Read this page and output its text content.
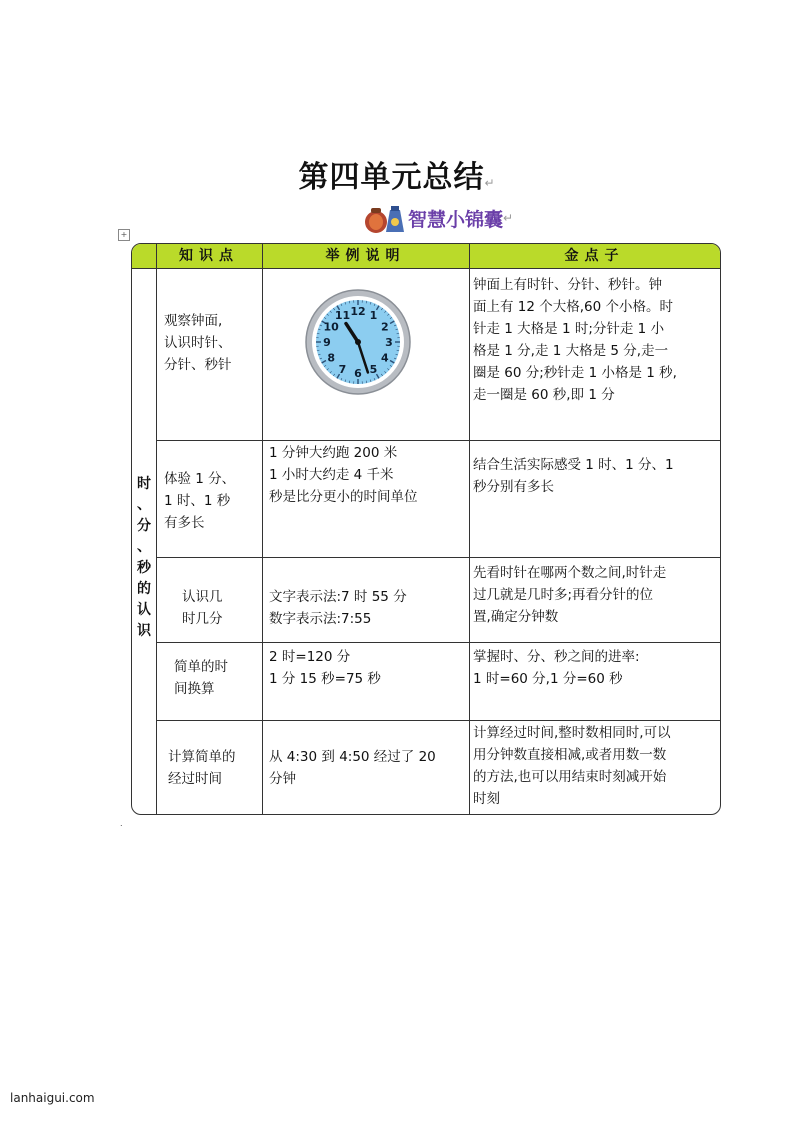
第四单元总结↵
智慧小锦囊 ↵
+
知识点	举例说明	金点子
时 、 分 、 秒 的 认 识
观察钟面,
认识时针、
分针、秒针
12 1
2
3
4
5
6
7
8
9
10
11
钟面上有时针、分针、秒针。钟
面上有 12 个大格,60 个小格。时
针走 1 大格是 1 时;分针走 1 小
格是 1 分,走 1 大格是 5 分,走一
圈是 60 分;秒针走 1 小格是 1 秒,
走一圈是 60 秒,即 1 分
体验 1 分、
1 时、1 秒
有多长
1 分钟大约跑 200 米
1 小时大约走 4 千米
秒是比分更小的时间单位
结合生活实际感受 1 时、1 分、1
秒分别有多长
认识几
时几分
文字表示法:7 时 55 分
数字表示法:7:55
先看时针在哪两个数之间,时针走
过几就是几时多;再看分针的位
置,确定分钟数
简单的时
间换算
2 时=120 分
1 分 15 秒=75 秒
掌握时、分、秒之间的进率:
1 时=60 分,1 分=60 秒
计算简单的
经过时间
从 4:30 到 4:50 经过了 20
分钟
计算经过时间,整时数相同时,可以
用分钟数直接相减,或者用数一数
的方法,也可以用结束时刻减开始
时刻
.
lanhaigui.com
